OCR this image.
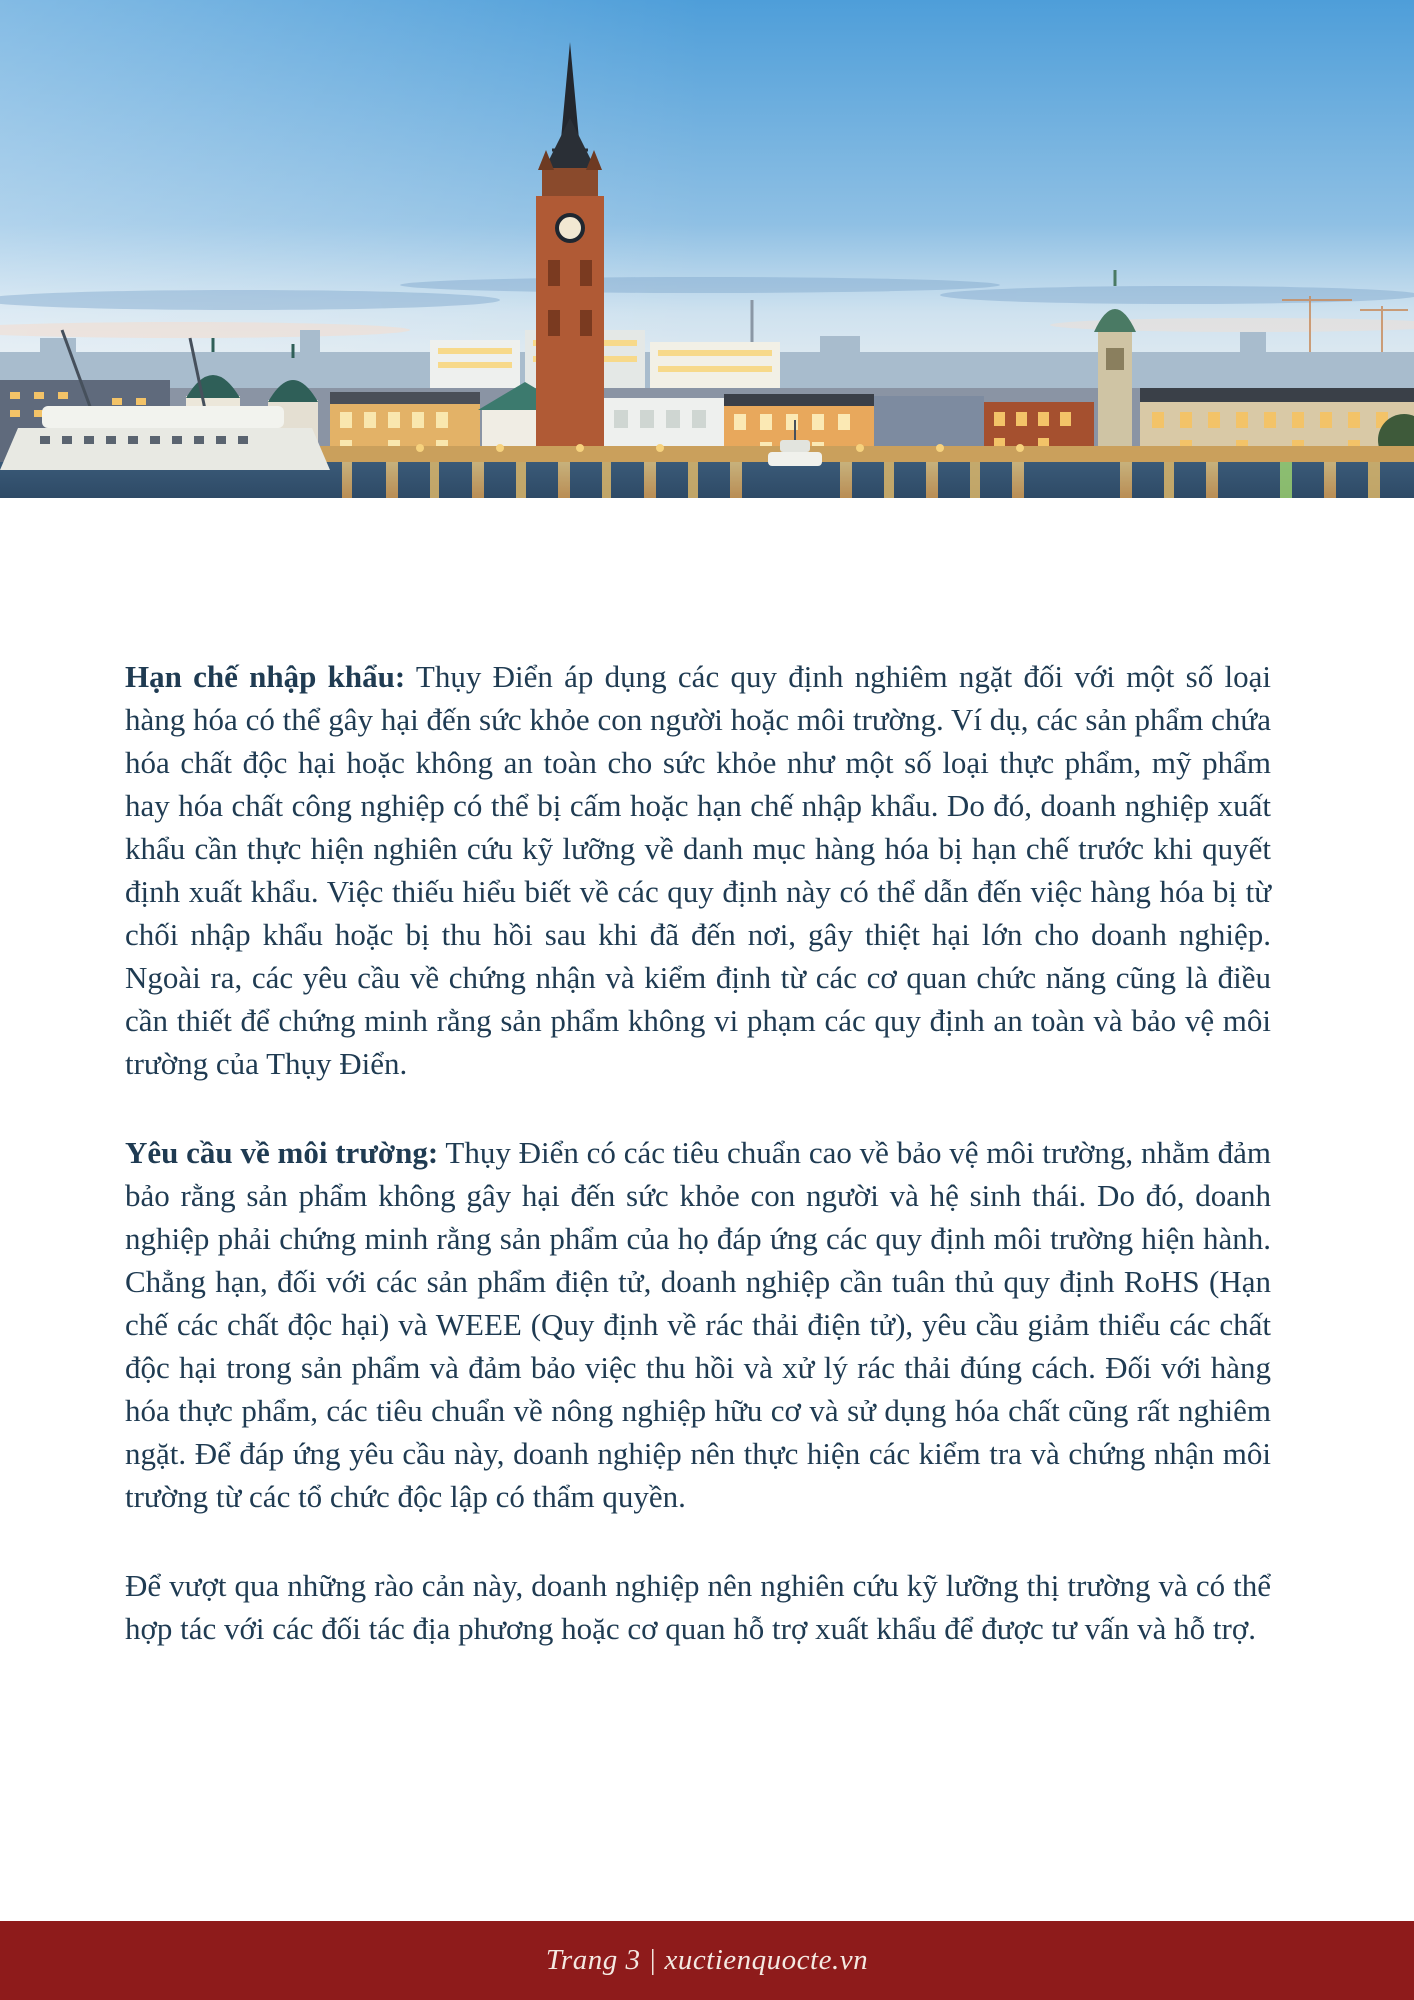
Hạn chế nhập khẩu: Thụy Điển áp dụng các quy định nghiêm ngặt đối với một số loại hàng hóa có thể gây hại đến sức khỏe con người hoặc môi trường. Ví dụ, các sản phẩm chứa hóa chất độc hại hoặc không an toàn cho sức khỏe như một số loại thực phẩm, mỹ phẩm hay hóa chất công nghiệp có thể bị cấm hoặc hạn chế nhập khẩu. Do đó, doanh nghiệp xuất khẩu cần thực hiện nghiên cứu kỹ lưỡng về danh mục hàng hóa bị hạn chế trước khi quyết định xuất khẩu. Việc thiếu hiểu biết về các quy định này có thể dẫn đến việc hàng hóa bị từ chối nhập khẩu hoặc bị thu hồi sau khi đã đến nơi, gây thiệt hại lớn cho doanh nghiệp. Ngoài ra, các yêu cầu về chứng nhận và kiểm định từ các cơ quan chức năng cũng là điều cần thiết để chứng minh rằng sản phẩm không vi phạm các quy định an toàn và bảo vệ môi trường của Thụy Điển.

Yêu cầu về môi trường: Thụy Điển có các tiêu chuẩn cao về bảo vệ môi trường, nhằm đảm bảo rằng sản phẩm không gây hại đến sức khỏe con người và hệ sinh thái. Do đó, doanh nghiệp phải chứng minh rằng sản phẩm của họ đáp ứng các quy định môi trường hiện hành. Chẳng hạn, đối với các sản phẩm điện tử, doanh nghiệp cần tuân thủ quy định RoHS (Hạn chế các chất độc hại) và WEEE (Quy định về rác thải điện tử), yêu cầu giảm thiểu các chất độc hại trong sản phẩm và đảm bảo việc thu hồi và xử lý rác thải đúng cách. Đối với hàng hóa thực phẩm, các tiêu chuẩn về nông nghiệp hữu cơ và sử dụng hóa chất cũng rất nghiêm ngặt. Để đáp ứng yêu cầu này, doanh nghiệp nên thực hiện các kiểm tra và chứng nhận môi trường từ các tổ chức độc lập có thẩm quyền.

Để vượt qua những rào cản này, doanh nghiệp nên nghiên cứu kỹ lưỡng thị trường và có thể hợp tác với các đối tác địa phương hoặc cơ quan hỗ trợ xuất khẩu để được tư vấn và hỗ trợ.

Trang 3 | xuctienquocte.vn
